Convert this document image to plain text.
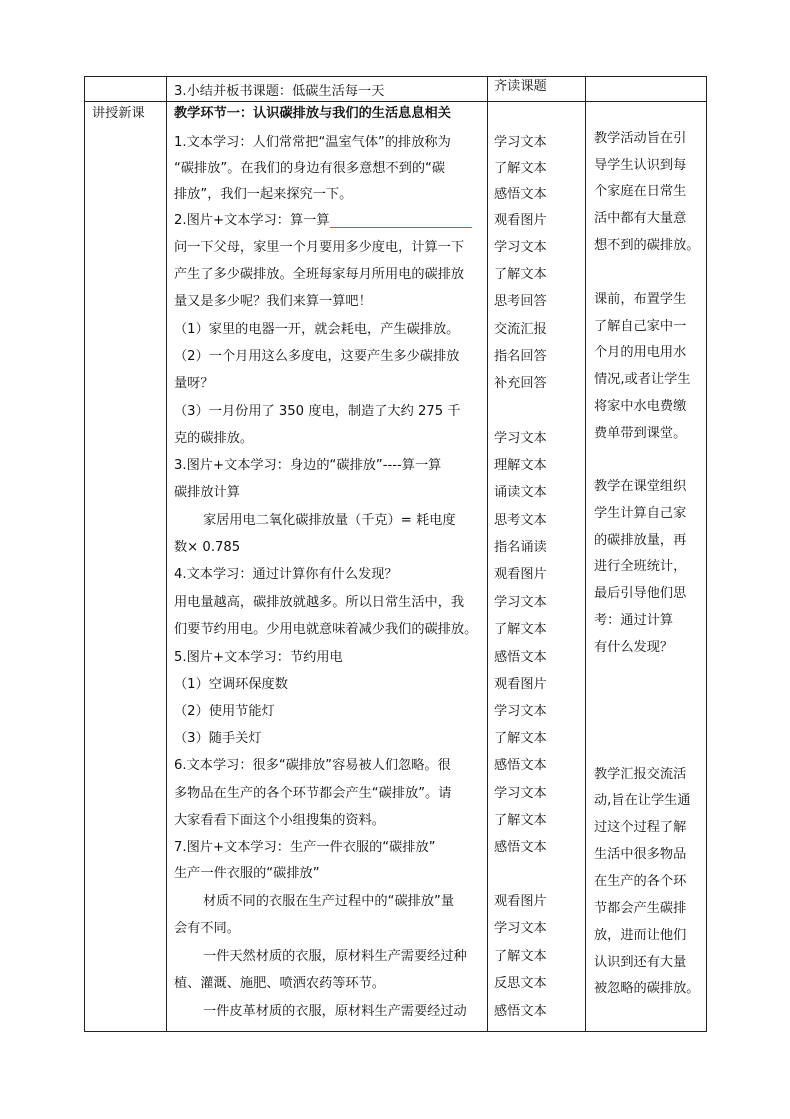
3.小结并板书课题：低碳生活每一天	齐读课题
讲授新课 教学环节一：认识碳排放与我们的生活息息相关
1.文本学习：人们常常把“温室气体”的排放称为
“碳排放”。在我们的身边有很多意想不到的“碳
排放”，我们一起来探究一下。
2.图片+文本学习：算一算
问一下父母，家里一个月要用多少度电，计算一下
产生了多少碳排放。全班每家每月所用电的碳排放
量又是多少呢？我们来算一算吧！
（1）家里的电器一开，就会耗电，产生碳排放。
（2）一个月用这么多度电，这要产生多少碳排放
量呀？
（3）一月份用了 350 度电，制造了大约 275 千
克的碳排放。
3.图片+文本学习：身边的“碳排放”----算一算
碳排放计算
家居用电二氧化碳排放量（千克）= 耗电度
数× 0.785
4.文本学习：通过计算你有什么发现？
用电量越高，碳排放就越多。所以日常生活中，我
们要节约用电。少用电就意味着减少我们的碳排放。
5.图片+文本学习：节约用电
（1）空调环保度数
（2）使用节能灯
（3）随手关灯
6.文本学习：很多“碳排放”容易被人们忽略。很
多物品在生产的各个环节都会产生“碳排放”。请
大家看看下面这个小组搜集的资料。
7.图片+文本学习：生产一件衣服的“碳排放”
生产一件衣服的“碳排放”
材质不同的衣服在生产过程中的“碳排放”量
会有不同。
一件天然材质的衣服，原材料生产需要经过种
植、灌溉、施肥、喷洒农药等环节。
一件皮革材质的衣服，原材料生产需要经过动
学习文本
了解文本
感悟文本
观看图片
学习文本
了解文本
思考回答
交流汇报
指名回答
补充回答
学习文本
理解文本
诵读文本
思考文本
指名诵读
观看图片
学习文本
了解文本
感悟文本
观看图片
学习文本
了解文本
感悟文本
学习文本
了解文本
感悟文本
观看图片
学习文本
了解文本
反思文本
感悟文本
教学活动旨在引
导学生认识到每
个家庭在日常生
活中都有大量意
想不到的碳排放。
课前，布置学生
了解自己家中一
个月的用电用水
情况,或者让学生
将家中水电费缴
费单带到课堂。
教学在课堂组织
学生计算自己家
的碳排放量，再
进行全班统计，
最后引导他们思
考：通过计算
有什么发现？
教学汇报交流活
动,旨在让学生通
过这个过程了解
生活中很多物品
在生产的各个环
节都会产生碳排
放，进而让他们
认识到还有大量
被忽略的碳排放。
